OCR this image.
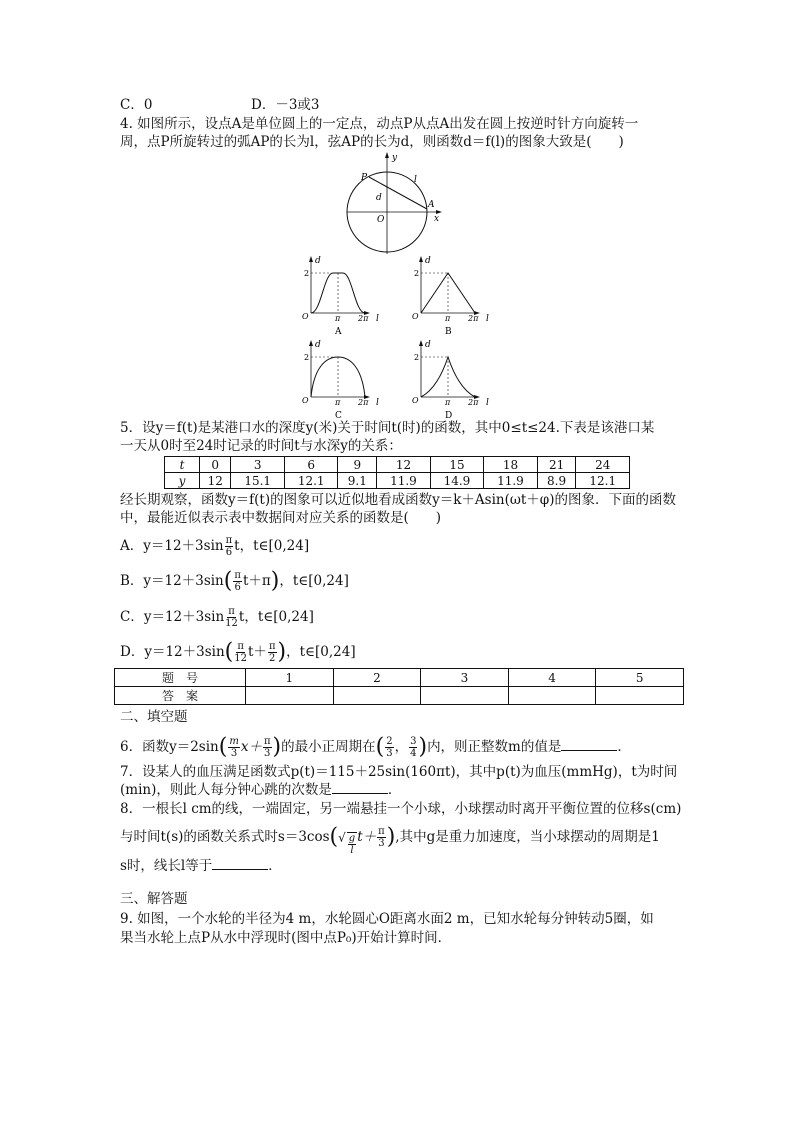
C．0	D．－3或3
4. 如图所示，设点A是单位圆上的一定点，动点P从点A出发在圆上按逆时针方向旋转一
周，点P所旋转过的弧AP的长为l，弦AP的长为d，则函数d＝f(l)的图象大致是(　　)
y
x
P	l
d
O
A
d
2
O	π 2π l
A
d
2
O	π 2π l
B
d
2
O	π 2π l
C
d
2
O	π 2π l
D
5．设y＝f(t)是某港口水的深度y(米)关于时间t(时)的函数，其中0≤t≤24.下表是该港口某
一天从0时至24时记录的时间t与水深y的关系：
t	0	3	6	9	12	15	18	21	24
y	12	15.1	12.1	9.1	11.9	14.9	11.9	8.9	12.1
经长期观察，函数y＝f(t)的图象可以近似地看成函数y＝k＋Asin(ωt＋φ)的图象．下面的函数
中，最能近似表示表中数据间对应关系的函数是(　　)
A．$y=12+3\sin \frac{\pi}{6}$ t，t∈[0,24]
B．$y=12+3\sin( \frac{\pi}{6} t+\pi)$，t∈[0,24]
C．$y=12+3\sin \frac{\pi}{12}$ t，t∈[0,24]
D．$y=12+3\sin( \frac{\pi}{12} t+ \frac{\pi}{2}$ )，t∈[0,24]
题　号	1	2	3	4	5
答　案					
二、填空题
6．函数$y=2\sin( \frac{m}{3} x+ \frac{\pi}{3}$ )的最小正周期在( $\frac{2}{3}$ ， $\frac{3}{4}$ )内，则正整数m的值是	．
7．设某人的血压满足函数式p(t)＝115＋25sin(160πt)，其中p(t)为血压(mmHg)，t为时间
(min)，则此人每分钟心跳的次数是	．
8．一根长l cm的线，一端固定，另一端悬挂一个小球，小球摆动时离开平衡位置的位移s(cm)
与时间t(s)的函数关系式时$s=3\cos(√ \frac{g}{l} t+ \frac{\pi}{3}$ ),其中g是重力加速度，当小球摆动的周期是1
s时，线长l等于	．
三、解答题
9. 如图，一个水轮的半径为4 m，水轮圆心O距离水面2 m，已知水轮每分钟转动5圈，如
果当水轮上点P从水中浮现时(图中点P₀)开始计算时间．
